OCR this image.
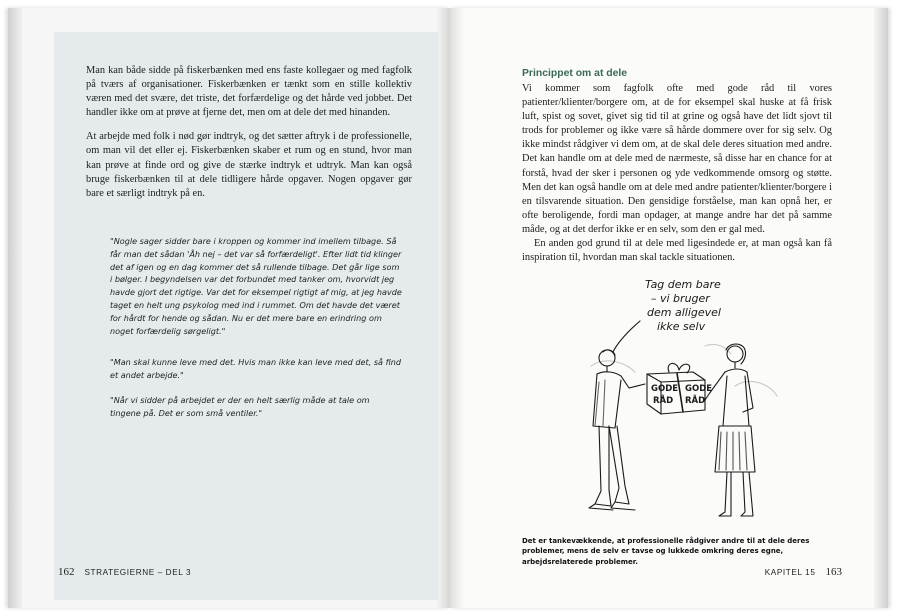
Man kan både sidde på fiskerbænken med ens faste kollegaer og med fagfolk på tværs af organisationer. Fiskerbænken er tænkt som en stille kollektiv væren med det svære, det triste, det forfærdelige og det hårde ved jobbet. Det handler ikke om at prøve at fjerne det, men om at dele det med hinanden.

At arbejde med folk i nød gør indtryk, og det sætter aftryk i de professionelle, om man vil det eller ej. Fiskerbænken skaber et rum og en stund, hvor man kan prøve at finde ord og give de stærke indtryk et udtryk. Man kan også bruge fiskerbænken til at dele tidligere hårde opgaver. Nogen opgaver gør bare et særligt indtryk på en.

"Nogle sager sidder bare i kroppen og kommer ind imellem tilbage. Så får man det sådan 'Åh nej – det var så forfærdeligt'. Efter lidt tid klinger det af igen og en dag kommer det så rullende tilbage. Det går lige som i bølger. I begyndelsen var det forbundet med tanker om, hvorvidt jeg havde gjort det rigtige. Var det for eksempel rigtigt af mig, at jeg havde taget en helt ung psykolog med ind i rummet. Om det havde det været for hårdt for hende og sådan. Nu er det mere bare en erindring om noget forfærdelig sørgeligt."

"Man skal kunne leve med det. Hvis man ikke kan leve med det, så find et andet arbejde."

"Når vi sidder på arbejdet er der en helt særlig måde at tale om tingene på. Det er som små ventiler."

162 STRATEGIERNE – DEL 3
Princippet om at dele

Vi kommer som fagfolk ofte med gode råd til vores patienter/klienter/borgere om, at de for eksempel skal huske at få frisk luft, spist og sovet, givet sig tid til at grine og også have det lidt sjovt til trods for problemer og ikke være så hårde dommere over for sig selv. Og ikke mindst rådgiver vi dem om, at de skal dele deres situation med andre. Det kan handle om at dele med de nærmeste, så disse har en chance for at forstå, hvad der sker i personen og yde vedkommende omsorg og støtte. Men det kan også handle om at dele med andre patienter/klienter/borgere i en tilsvarende situation. Den gensidige forståelse, man kan opnå her, er ofte beroligende, fordi man opdager, at mange andre har det på samme måde, og at det derfor ikke er en selv, som den er gal med.

En anden god grund til at dele med ligesindede er, at man også kan få inspiration til, hvordan man skal tackle situationen.

Tag dem bare
– vi bruger
dem alligevel
ikke selv
GODE
RÅD
GODE
RÅD

Det er tankevækkende, at professionelle rådgiver andre til at dele deres problemer, mens de selv er tavse og lukkede omkring deres egne, arbejdsrelaterede problemer.

KAPITEL 15 163
